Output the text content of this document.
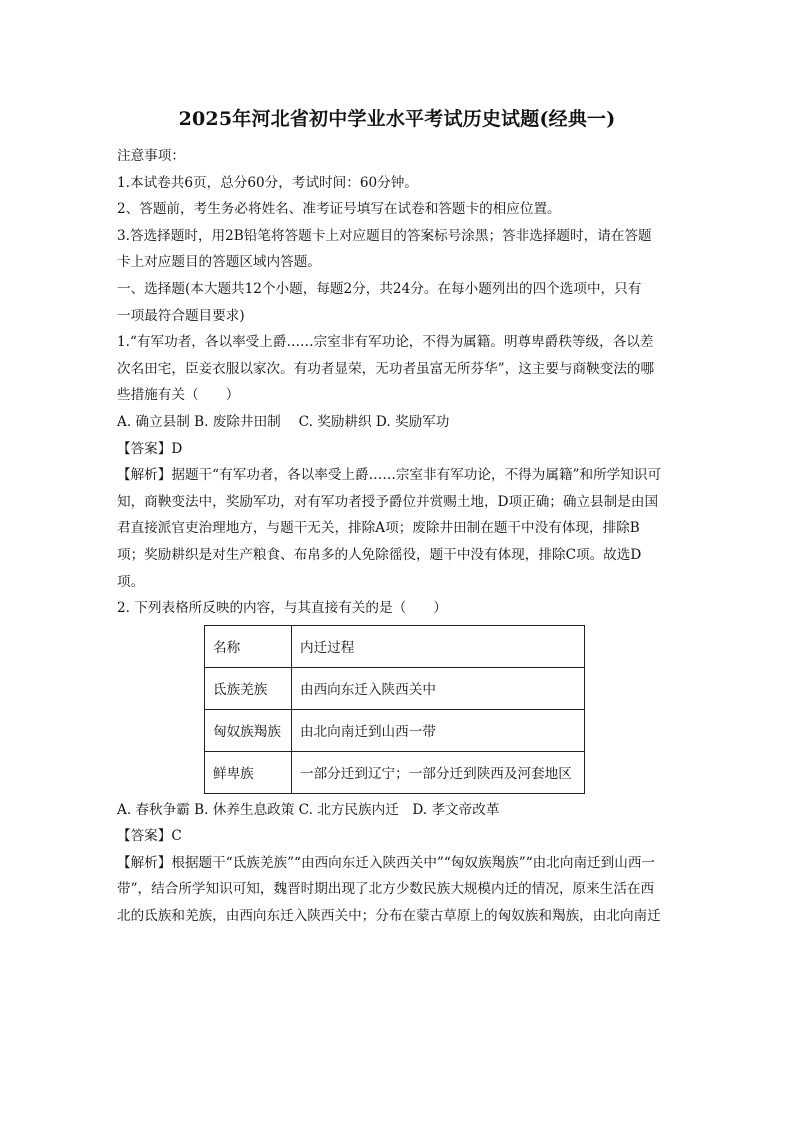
2025年河北省初中学业水平考试历史试题(经典一)
注意事项：
1.本试卷共6页，总分60分，考试时间：60分钟。
2、答题前，考生务必将姓名、准考证号填写在试卷和答题卡的相应位置。
3.答选择题时，用2B铅笔将答题卡上对应题目的答案标号涂黑；答非选择题时，请在答题
卡上对应题目的答题区域内答题。
一、选择题(本大题共12个小题，每题2分，共24分。在每小题列出的四个选项中，只有
一项最符合题目要求)
1.“有军功者，各以率受上爵……宗室非有军功论，不得为属籍。明尊卑爵秩等级，各以差
次名田宅，臣妾衣服以家次。有功者显荣，无功者虽富无所芬华”，这主要与商鞅变法的哪
些措施有关（　　）
A. 确立县制 B. 废除井田制　 C. 奖励耕织 D. 奖励军功
【答案】D
【解析】据题干“有军功者，各以率受上爵……宗室非有军功论，不得为属籍”和所学知识可
知，商鞅变法中，奖励军功，对有军功者授予爵位并赏赐土地，D项正确；确立县制是由国
君直接派官吏治理地方，与题干无关，排除A项；废除井田制在题干中没有体现，排除B
项；奖励耕织是对生产粮食、布帛多的人免除徭役，题干中没有体现，排除C项。故选D
项。
2. 下列表格所反映的内容，与其直接有关的是（　　）
名称	内迁过程
氐族羌族	由西向东迁入陕西关中
匈奴族羯族	由北向南迁到山西一带
鲜卑族	一部分迁到辽宁；一部分迁到陕西及河套地区
A. 春秋争霸 B. 休养生息政策 C. 北方民族内迁　D. 孝文帝改革
【答案】C
【解析】根据题干“氐族羌族”“由西向东迁入陕西关中”“匈奴族羯族”“由北向南迁到山西一
带”，结合所学知识可知，魏晋时期出现了北方少数民族大规模内迁的情况，原来生活在西
北的氐族和羌族，由西向东迁入陕西关中；分布在蒙古草原上的匈奴族和羯族，由北向南迁
